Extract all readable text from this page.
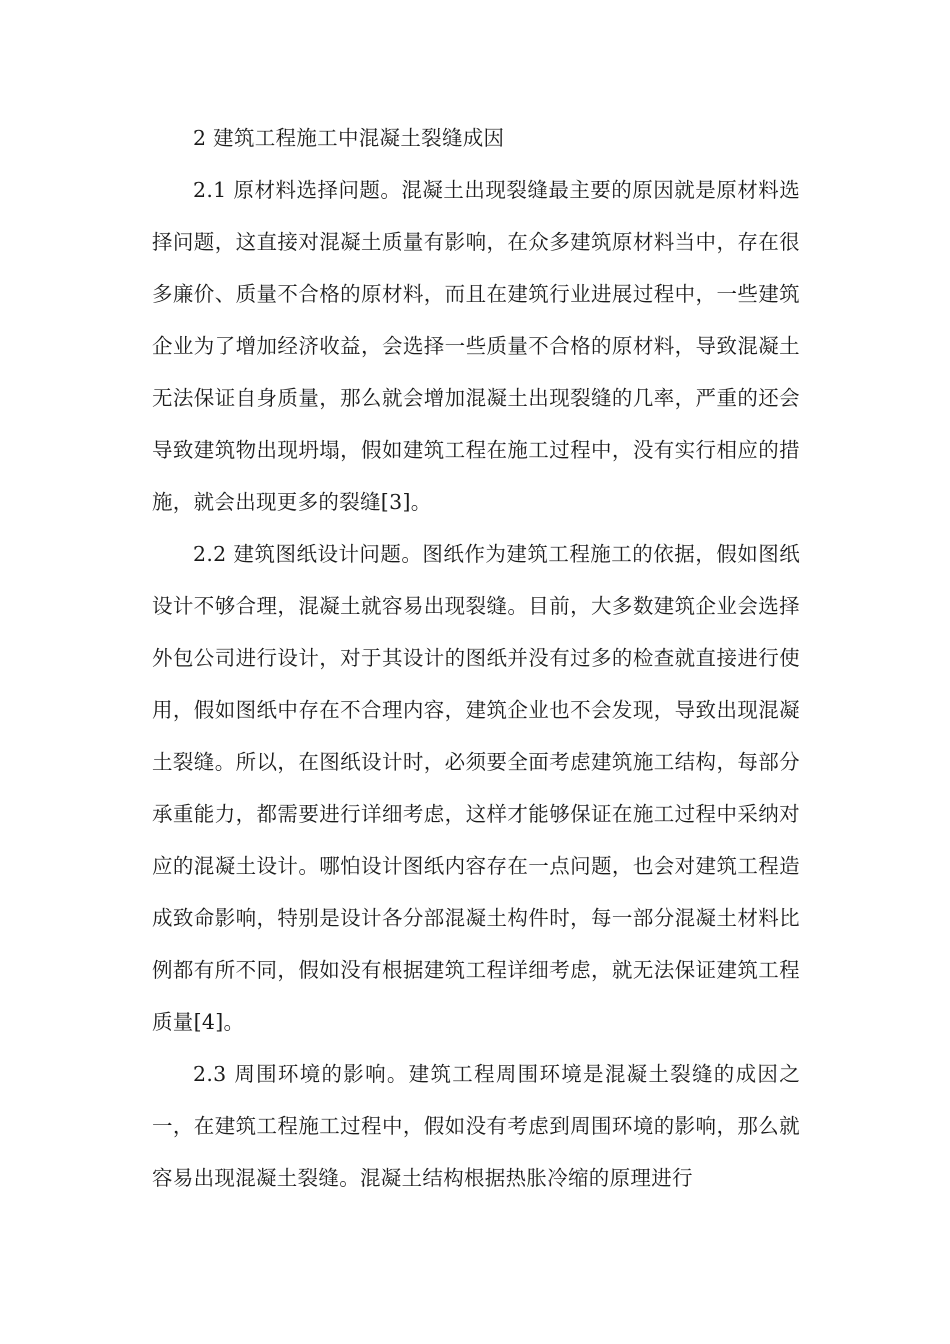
2 建筑工程施工中混凝土裂缝成因

2.1 原材料选择问题。混凝土出现裂缝最主要的原因就是原材料选择问题，这直接对混凝土质量有影响，在众多建筑原材料当中，存在很多廉价、质量不合格的原材料，而且在建筑行业进展过程中，一些建筑企业为了增加经济收益，会选择一些质量不合格的原材料，导致混凝土无法保证自身质量，那么就会增加混凝土出现裂缝的几率，严重的还会导致建筑物出现坍塌，假如建筑工程在施工过程中，没有实行相应的措施，就会出现更多的裂缝[3]。

2.2 建筑图纸设计问题。图纸作为建筑工程施工的依据，假如图纸设计不够合理，混凝土就容易出现裂缝。目前，大多数建筑企业会选择外包公司进行设计，对于其设计的图纸并没有过多的检查就直接进行使用，假如图纸中存在不合理内容，建筑企业也不会发现，导致出现混凝土裂缝。所以，在图纸设计时，必须要全面考虑建筑施工结构，每部分承重能力，都需要进行详细考虑，这样才能够保证在施工过程中采纳对应的混凝土设计。哪怕设计图纸内容存在一点问题，也会对建筑工程造成致命影响，特别是设计各分部混凝土构件时，每一部分混凝土材料比例都有所不同，假如没有根据建筑工程详细考虑，就无法保证建筑工程质量[4]。

2.3 周围环境的影响。建筑工程周围环境是混凝土裂缝的成因之一，在建筑工程施工过程中，假如没有考虑到周围环境的影响，那么就容易出现混凝土裂缝。混凝土结构根据热胀冷缩的原理进行
